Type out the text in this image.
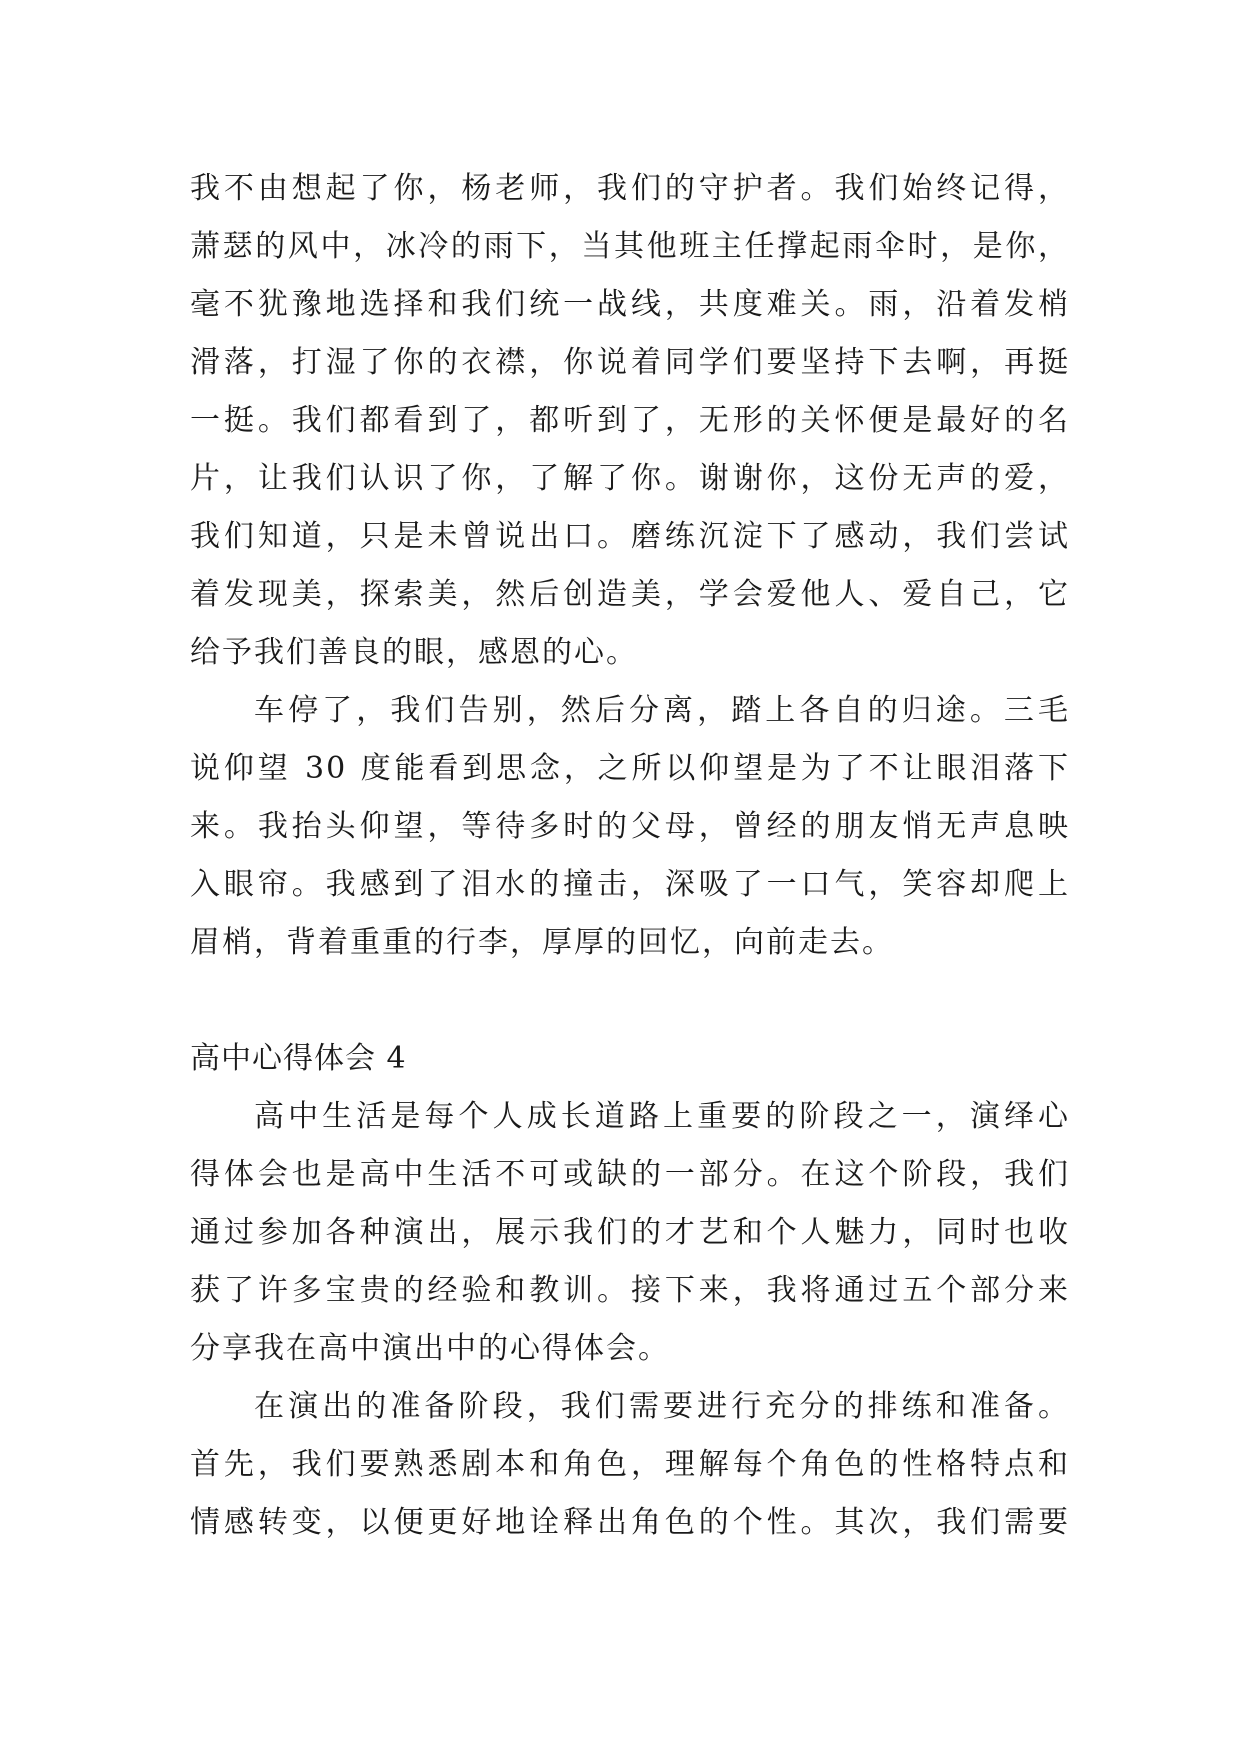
我不由想起了你，杨老师，我们的守护者。我们始终记得，
萧瑟的风中，冰冷的雨下，当其他班主任撑起雨伞时，是你，
毫不犹豫地选择和我们统一战线，共度难关。雨，沿着发梢
滑落，打湿了你的衣襟，你说着同学们要坚持下去啊，再挺
一挺。我们都看到了，都听到了，无形的关怀便是最好的名
片，让我们认识了你，了解了你。谢谢你，这份无声的爱，
我们知道，只是未曾说出口。磨练沉淀下了感动，我们尝试
着发现美，探索美，然后创造美，学会爱他人、爱自己，它
给予我们善良的眼，感恩的心。
车停了，我们告别，然后分离，踏上各自的归途。三毛
说仰望 30 度能看到思念，之所以仰望是为了不让眼泪落下
来。我抬头仰望，等待多时的父母，曾经的朋友悄无声息映
入眼帘。我感到了泪水的撞击，深吸了一口气，笑容却爬上
眉梢，背着重重的行李，厚厚的回忆，向前走去。
高中心得体会 4
高中生活是每个人成长道路上重要的阶段之一，演绎心
得体会也是高中生活不可或缺的一部分。在这个阶段，我们
通过参加各种演出，展示我们的才艺和个人魅力，同时也收
获了许多宝贵的经验和教训。接下来，我将通过五个部分来
分享我在高中演出中的心得体会。
在演出的准备阶段，我们需要进行充分的排练和准备。
首先，我们要熟悉剧本和角色，理解每个角色的性格特点和
情感转变，以便更好地诠释出角色的个性。其次，我们需要
